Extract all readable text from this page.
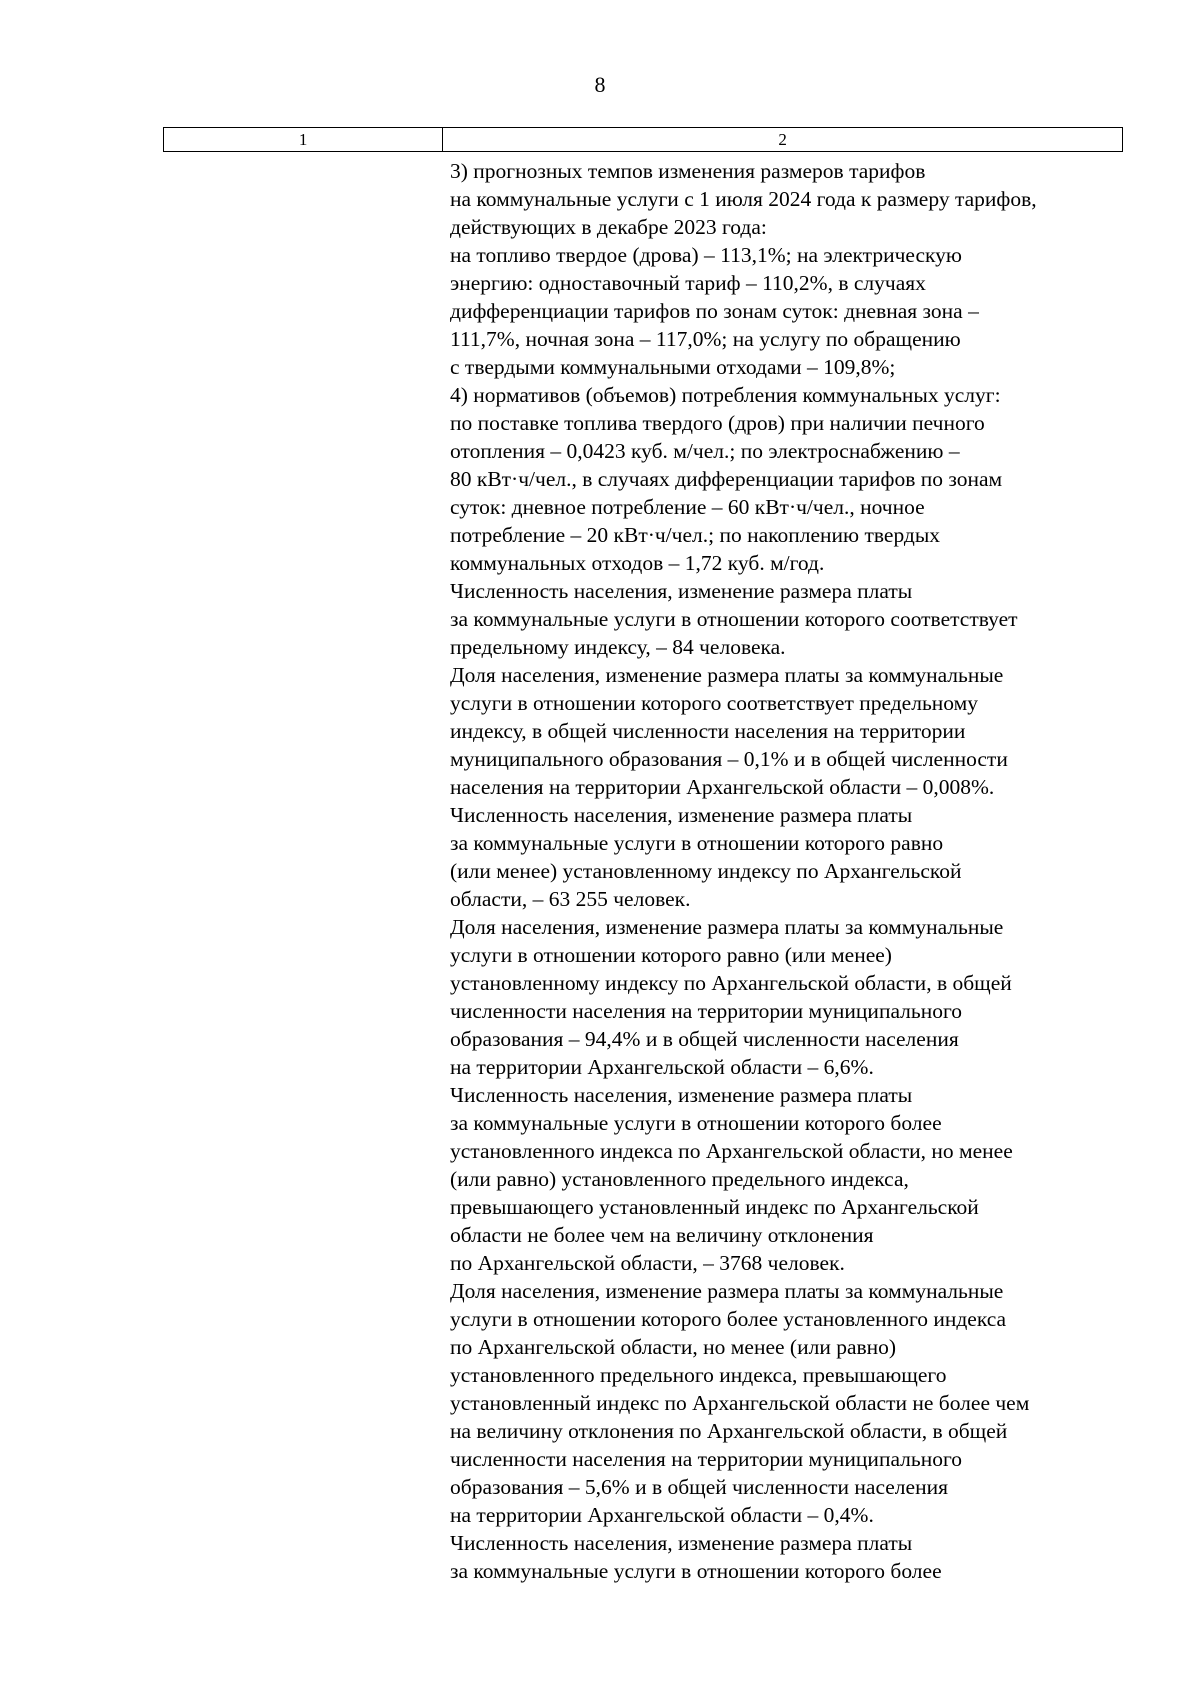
8
1	2
3) прогнозных темпов изменения размеров тарифов
на коммунальные услуги с 1 июля 2024 года к размеру тарифов,
действующих в декабре 2023 года:
на топливо твердое (дрова) – 113,1%; на электрическую
энергию: одноставочный тариф – 110,2%, в случаях
дифференциации тарифов по зонам суток: дневная зона –
111,7%, ночная зона – 117,0%; на услугу по обращению
с твердыми коммунальными отходами – 109,8%;
4) нормативов (объемов) потребления коммунальных услуг:
по поставке топлива твердого (дров) при наличии печного
отопления – 0,0423 куб. м/чел.; по электроснабжению –
80 кВт·ч/чел., в случаях дифференциации тарифов по зонам
суток: дневное потребление – 60 кВт·ч/чел., ночное
потребление – 20 кВт·ч/чел.; по накоплению твердых
коммунальных отходов – 1,72 куб. м/год.
Численность населения, изменение размера платы
за коммунальные услуги в отношении которого соответствует
предельному индексу, – 84 человека.
Доля населения, изменение размера платы за коммунальные
услуги в отношении которого соответствует предельному
индексу, в общей численности населения на территории
муниципального образования – 0,1% и в общей численности
населения на территории Архангельской области – 0,008%.
Численность населения, изменение размера платы
за коммунальные услуги в отношении которого равно
(или менее) установленному индексу по Архангельской
области, – 63 255 человек.
Доля населения, изменение размера платы за коммунальные
услуги в отношении которого равно (или менее)
установленному индексу по Архангельской области, в общей
численности населения на территории муниципального
образования – 94,4% и в общей численности населения
на территории Архангельской области – 6,6%.
Численность населения, изменение размера платы
за коммунальные услуги в отношении которого более
установленного индекса по Архангельской области, но менее
(или равно) установленного предельного индекса,
превышающего установленный индекс по Архангельской
области не более чем на величину отклонения
по Архангельской области, – 3768 человек.
Доля населения, изменение размера платы за коммунальные
услуги в отношении которого более установленного индекса
по Архангельской области, но менее (или равно)
установленного предельного индекса, превышающего
установленный индекс по Архангельской области не более чем
на величину отклонения по Архангельской области, в общей
численности населения на территории муниципального
образования – 5,6% и в общей численности населения
на территории Архангельской области – 0,4%.
Численность населения, изменение размера платы
за коммунальные услуги в отношении которого более
